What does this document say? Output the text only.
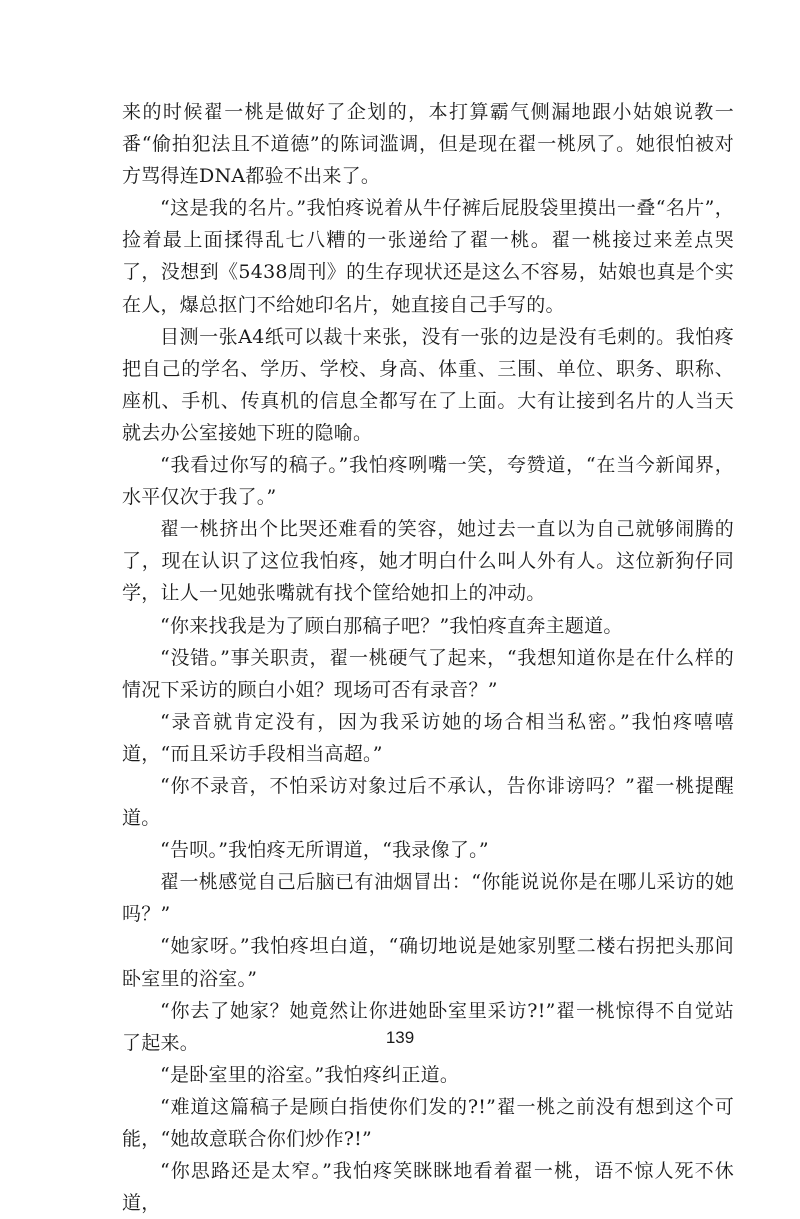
来的时候翟一桃是做好了企划的，本打算霸气侧漏地跟小姑娘说教一番“偷拍犯法且不道德”的陈词滥调，但是现在翟一桃夙了。她很怕被对方骂得连DNA都验不出来了。

“这是我的名片。”我怕疼说着从牛仔裤后屁股袋里摸出一叠“名片”，捡着最上面揉得乱七八糟的一张递给了翟一桃。翟一桃接过来差点哭了，没想到《5438周刊》的生存现状还是这么不容易，姑娘也真是个实在人，爆总抠门不给她印名片，她直接自己手写的。

目测一张A4纸可以裁十来张，没有一张的边是没有毛刺的。我怕疼把自己的学名、学历、学校、身高、体重、三围、单位、职务、职称、座机、手机、传真机的信息全都写在了上面。大有让接到名片的人当天就去办公室接她下班的隐喻。

“我看过你写的稿子。”我怕疼咧嘴一笑，夸赞道，“在当今新闻界，水平仅次于我了。”

翟一桃挤出个比哭还难看的笑容，她过去一直以为自己就够闹腾的了，现在认识了这位我怕疼，她才明白什么叫人外有人。这位新狗仔同学，让人一见她张嘴就有找个筐给她扣上的冲动。

“你来找我是为了顾白那稿子吧？”我怕疼直奔主题道。

“没错。”事关职责，翟一桃硬气了起来，“我想知道你是在什么样的情况下采访的顾白小姐？现场可否有录音？”

“录音就肯定没有，因为我采访她的场合相当私密。”我怕疼嘻嘻道，“而且采访手段相当高超。”

“你不录音，不怕采访对象过后不承认，告你诽谤吗？”翟一桃提醒道。

“告呗。”我怕疼无所谓道，“我录像了。”

翟一桃感觉自己后脑已有油烟冒出：“你能说说你是在哪儿采访的她吗？”

“她家呀。”我怕疼坦白道，“确切地说是她家别墅二楼右拐把头那间卧室里的浴室。”

“你去了她家？她竟然让你进她卧室里采访?!”翟一桃惊得不自觉站了起来。

“是卧室里的浴室。”我怕疼纠正道。

“难道这篇稿子是顾白指使你们发的?!”翟一桃之前没有想到这个可能，“她故意联合你们炒作?!”

“你思路还是太窄。”我怕疼笑眯眯地看着翟一桃，语不惊人死不休道，

139
